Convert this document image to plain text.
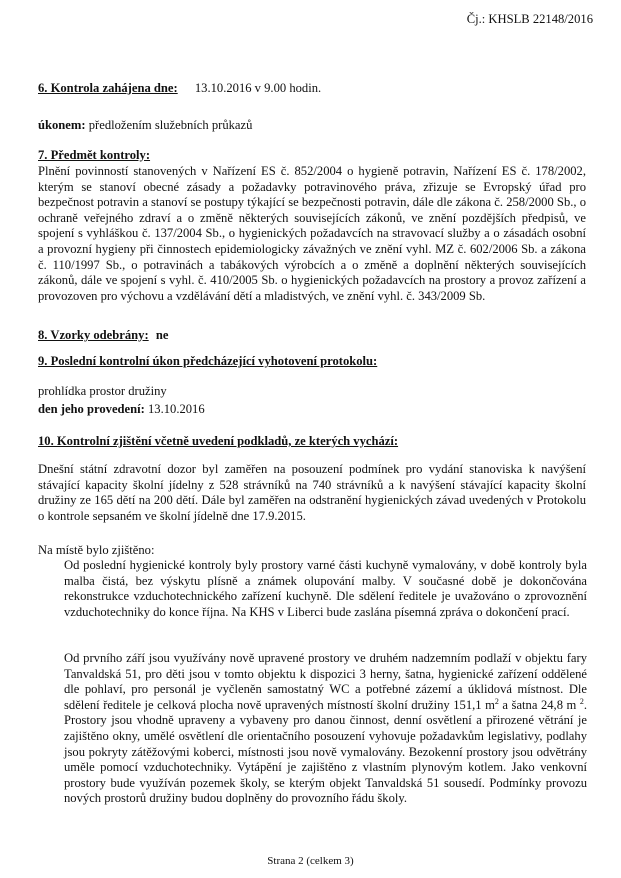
Čj.: KHSLB 22148/2016
6. Kontrola zahájena dne: 13.10.2016 v 9.00 hodin.
úkonem: předložením služebních průkazů
7. Předmět kontroly:
Plnění povinností stanovených v Nařízení ES č. 852/2004 o hygieně potravin, Nařízení ES č. 178/2002, kterým se stanoví obecné zásady a požadavky potravinového práva, zřizuje se Evropský úřad pro bezpečnost potravin a stanoví se postupy týkající se bezpečnosti potravin, dále dle zákona č. 258/2000 Sb., o ochraně veřejného zdraví a o změně některých souvisejících zákonů, ve znění pozdějších předpisů, ve spojení s vyhláškou č. 137/2004 Sb., o hygienických požadavcích na stravovací služby a o zásadách osobní a provozní hygieny při činnostech epidemiologicky závažných ve znění vyhl. MZ č. 602/2006 Sb. a zákona č. 110/1997 Sb., o potravinách a tabákových výrobcích a o změně a doplnění některých souvisejících zákonů, dále ve spojení s vyhl. č. 410/2005 Sb. o hygienických požadavcích na prostory a provoz zařízení a provozoven pro výchovu a vzdělávání dětí a mladistvých, ve znění vyhl. č. 343/2009 Sb.
8. Vzorky odebrány: ne
9. Poslední kontrolní úkon předcházející vyhotovení protokolu:
prohlídka prostor družiny
den jeho provedení: 13.10.2016
10. Kontrolní zjištění včetně uvedení podkladů, ze kterých vychází:
Dnešní státní zdravotní dozor byl zaměřen na posouzení podmínek pro vydání stanoviska k navýšení stávající kapacity školní jídelny z 528 strávníků na 740 strávníků a k navýšení stávající kapacity školní družiny ze 165 dětí na 200 dětí. Dále byl zaměřen na odstranění hygienických závad uvedených v Protokolu o kontrole sepsaném ve školní jídelně dne 17.9.2015.
Na místě bylo zjištěno:
Od poslední hygienické kontroly byly prostory varné části kuchyně vymalovány, v době kontroly byla malba čistá, bez výskytu plísně a známek olupování malby. V současné době je dokončována rekonstrukce vzduchotechnického zařízení kuchyně. Dle sdělení ředitele je uvažováno o zprovoznění vzduchotechniky do konce října. Na KHS v Liberci bude zaslána písemná zpráva o dokončení prací.
Od prvního září jsou využívány nově upravené prostory ve druhém nadzemním podlaží v objektu fary Tanvaldská 51, pro děti jsou v tomto objektu k dispozici 3 herny, šatna, hygienické zařízení oddělené dle pohlaví, pro personál je vyčleněn samostatný WC a potřebné zázemí a úklidová místnost. Dle sdělení ředitele je celková plocha nově upravených místností školní družiny 151,1 $m^2$ a šatna 24,8 m $^2$. Prostory jsou vhodně upraveny a vybaveny pro danou činnost, denní osvětlení a přirozené větrání je zajištěno okny, umělé osvětlení dle orientačního posouzení vyhovuje požadavkům legislativy, podlahy jsou pokryty zátěžovými koberci, místnosti jsou nově vymalovány. Bezokenní prostory jsou odvětrány uměle pomocí vzduchotechniky. Vytápění je zajištěno z vlastním plynovým kotlem. Jako venkovní prostory bude využíván pozemek školy, se kterým objekt Tanvaldská 51 sousedí. Podmínky provozu nových prostorů družiny budou doplněny do provozního řádu školy.
Strana 2 (celkem 3)
